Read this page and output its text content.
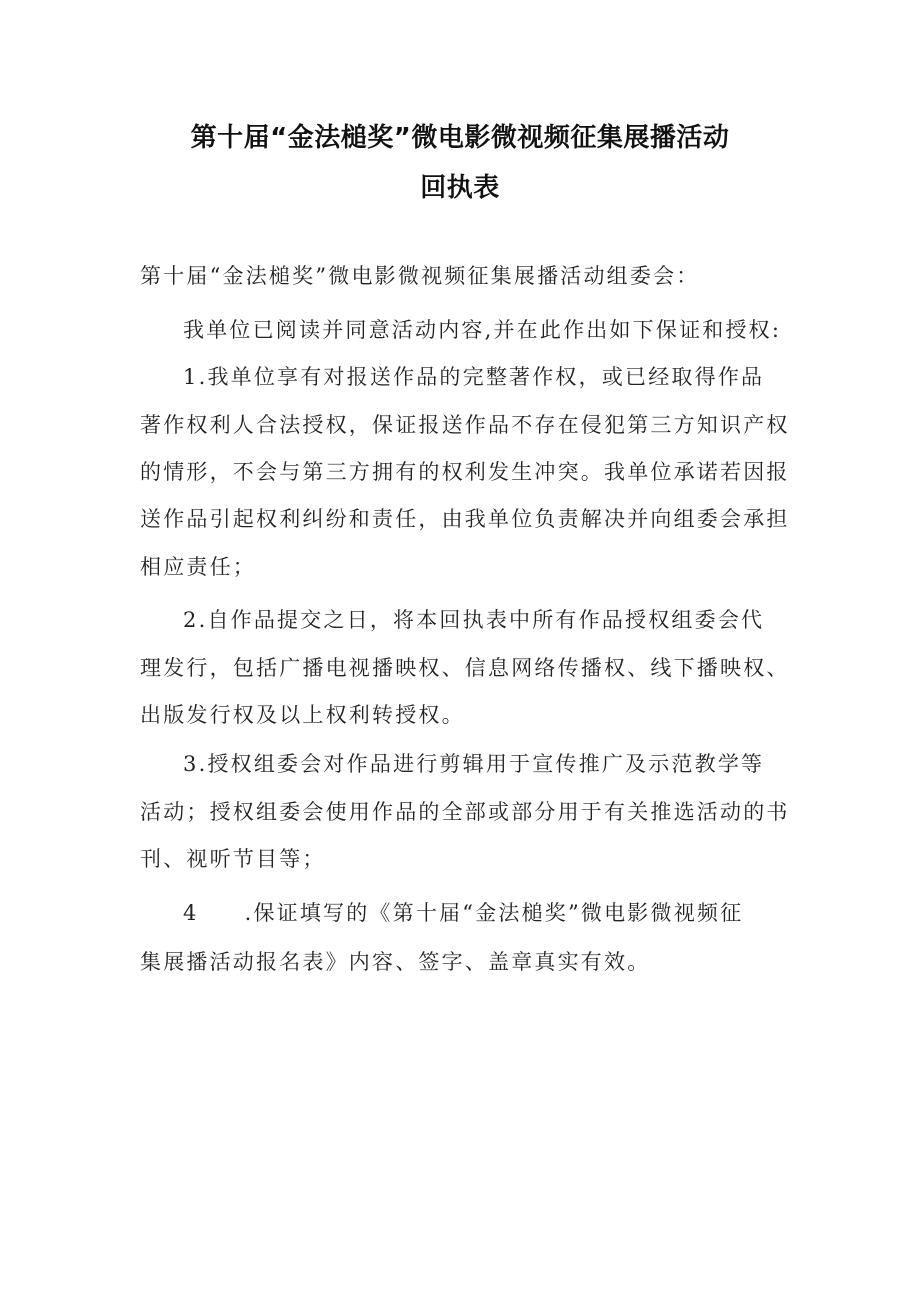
第十届“金法槌奖”微电影微视频征集展播活动
回执表
第十届“金法槌奖”微电影微视频征集展播活动组委会：
我单位已阅读并同意活动内容,并在此作出如下保证和授权:
1.我单位享有对报送作品的完整著作权，或已经取得作品
著作权利人合法授权，保证报送作品不存在侵犯第三方知识产权
的情形，不会与第三方拥有的权利发生冲突。我单位承诺若因报
送作品引起权利纠纷和责任，由我单位负责解决并向组委会承担
相应责任；
2.自作品提交之日，将本回执表中所有作品授权组委会代
理发行，包括广播电视播映权、信息网络传播权、线下播映权、
出版发行权及以上权利转授权。
3.授权组委会对作品进行剪辑用于宣传推广及示范教学等
活动；授权组委会使用作品的全部或部分用于有关推选活动的书
刊、视听节目等；
4 .保证填写的《第十届“金法槌奖”微电影微视频征
集展播活动报名表》内容、签字、盖章真实有效。
